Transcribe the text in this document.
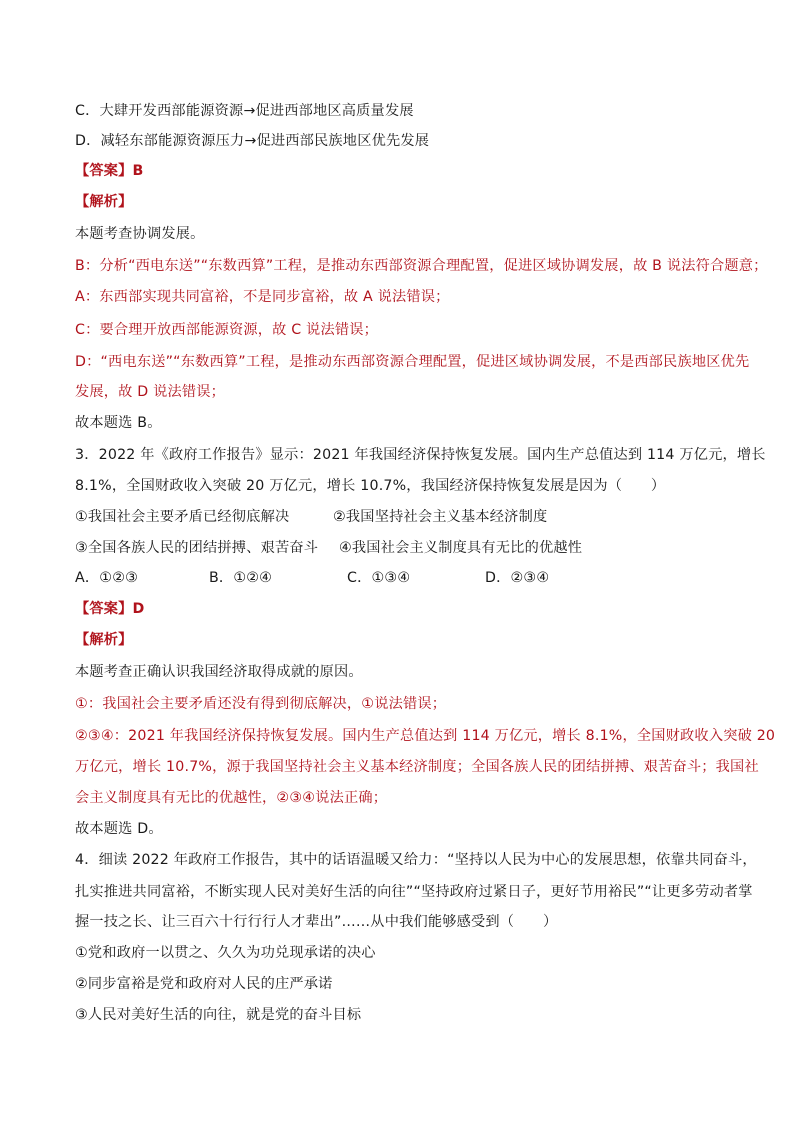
C．大肆开发西部能源资源→促进西部地区高质量发展
D．减轻东部能源资源压力→促进西部民族地区优先发展
【答案】B
【解析】
本题考查协调发展。
B：分析“西电东送”“东数西算”工程，是推动东西部资源合理配置，促进区域协调发展，故 B 说法符合题意；
A：东西部实现共同富裕，不是同步富裕，故 A 说法错误；
C：要合理开放西部能源资源，故 C 说法错误；
D：“西电东送”“东数西算”工程，是推动东西部资源合理配置，促进区域协调发展，不是西部民族地区优先
发展，故 D 说法错误；
故本题选 B。
3．2022 年《政府工作报告》显示：2021 年我国经济保持恢复发展。国内生产总值达到 114 万亿元，增长
8.1%，全国财政收入突破 20 万亿元，增长 10.7%，我国经济保持恢复发展是因为（　　）
①我国社会主要矛盾已经彻底解决	②我国坚持社会主义基本经济制度
③全国各族人民的团结拼搏、艰苦奋斗 ④我国社会主义制度具有无比的优越性
A．①②③	B．①②④	C．①③④	D．②③④
【答案】D
【解析】
本题考查正确认识我国经济取得成就的原因。
①：我国社会主要矛盾还没有得到彻底解决，①说法错误；
②③④：2021 年我国经济保持恢复发展。国内生产总值达到 114 万亿元，增长 8.1%，全国财政收入突破 20
万亿元，增长 10.7%，源于我国坚持社会主义基本经济制度；全国各族人民的团结拼搏、艰苦奋斗；我国社
会主义制度具有无比的优越性，②③④说法正确；
故本题选 D。
4．细读 2022 年政府工作报告，其中的话语温暖又给力：“坚持以人民为中心的发展思想，依靠共同奋斗，
扎实推进共同富裕，不断实现人民对美好生活的向往”“坚持政府过紧日子，更好节用裕民”“让更多劳动者掌
握一技之长、让三百六十行行行人才辈出”……从中我们能够感受到（　　）
①党和政府一以贯之、久久为功兑现承诺的决心
②同步富裕是党和政府对人民的庄严承诺
③人民对美好生活的向往，就是党的奋斗目标
